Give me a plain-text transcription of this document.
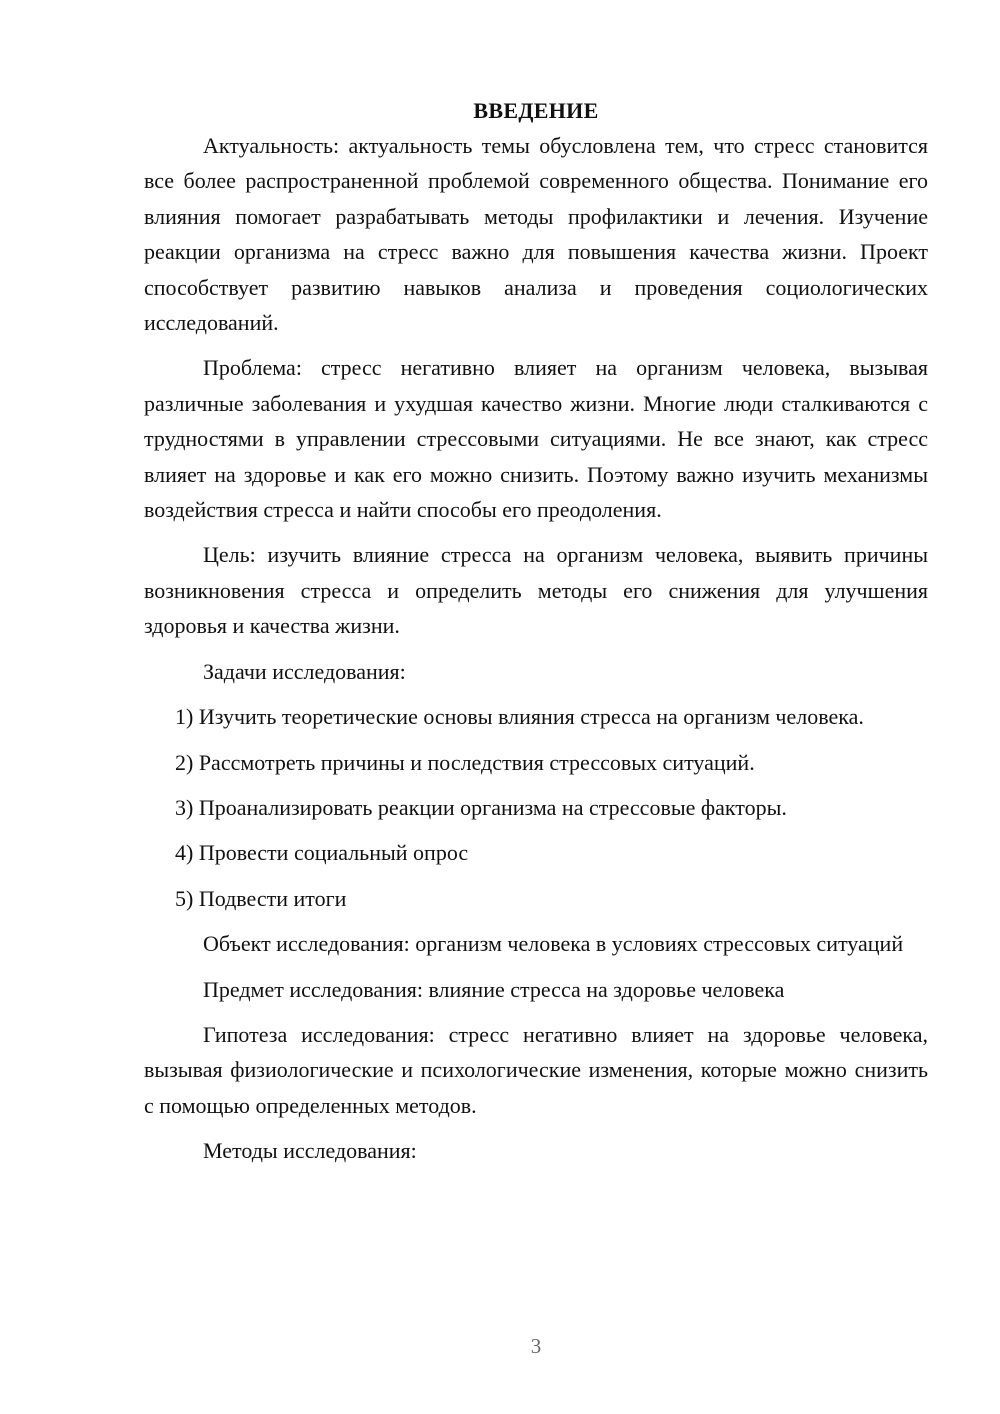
ВВЕДЕНИЕ

Актуальность: актуальность темы обусловлена тем, что стресс становится все более распространенной проблемой современного общества. Понимание его влияния помогает разрабатывать методы профилактики и лечения. Изучение реакции организма на стресс важно для повышения качества жизни. Проект способствует развитию навыков анализа и проведения социологических исследований.

Проблема: стресс негативно влияет на организм человека, вызывая различные заболевания и ухудшая качество жизни. Многие люди сталкиваются с трудностями в управлении стрессовыми ситуациями. Не все знают, как стресс влияет на здоровье и как его можно снизить. Поэтому важно изучить механизмы воздействия стресса и найти способы его преодоления.

Цель: изучить влияние стресса на организм человека, выявить причины возникновения стресса и определить методы его снижения для улучшения здоровья и качества жизни.

Задачи исследования:

1) Изучить теоретические основы влияния стресса на организм человека.

2) Рассмотреть причины и последствия стрессовых ситуаций.

3) Проанализировать реакции организма на стрессовые факторы.

4) Провести социальный опрос

5) Подвести итоги

Объект исследования: организм человека в условиях стрессовых ситуаций

Предмет исследования: влияние стресса на здоровье человека

Гипотеза исследования: стресс негативно влияет на здоровье человека, вызывая физиологические и психологические изменения, которые можно снизить с помощью определенных методов.

Методы исследования:

3
